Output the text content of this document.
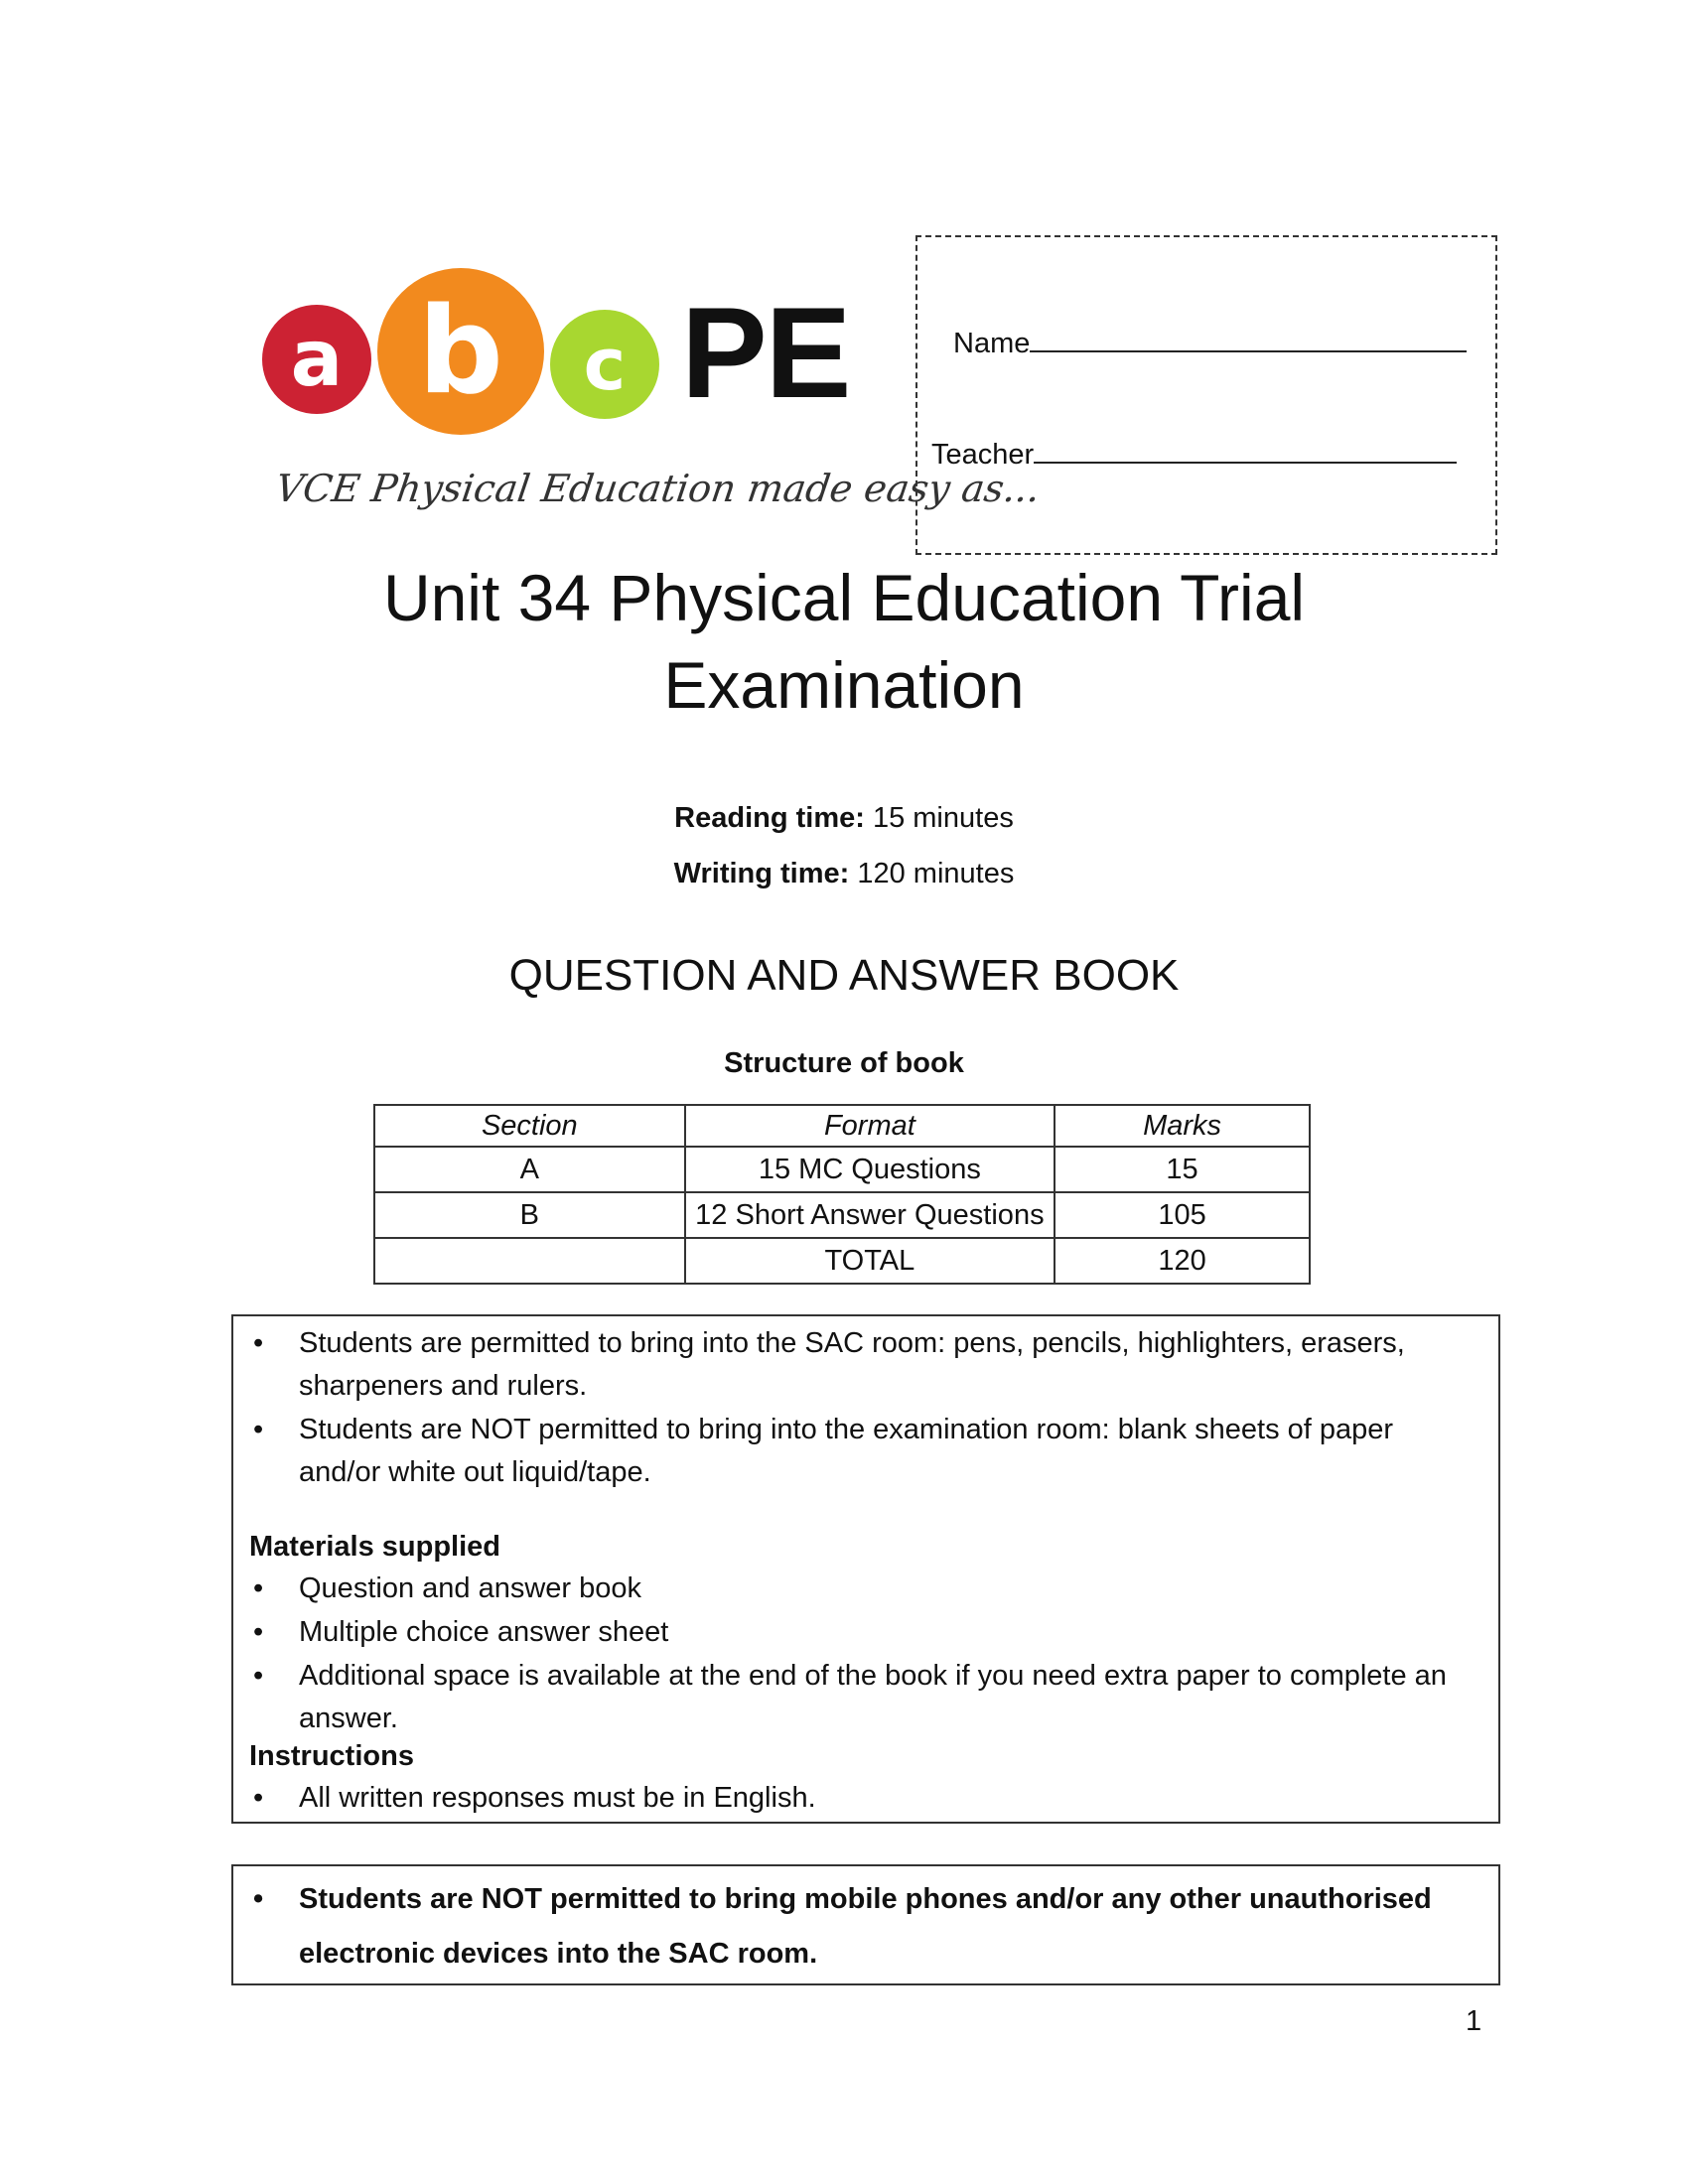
a b	c PE
VCE Physical Education made easy as...
Name
Teacher
Unit 34 Physical Education Trial
Examination
Reading time: 15 minutes
Writing time: 120 minutes
QUESTION AND ANSWER BOOK
Structure of book
Section	Format	Marks
A	15 MC Questions	15
B	12 Short Answer Questions	105
	TOTAL	120
• Students are permitted to bring into the SAC room: pens, pencils, highlighters, erasers, sharpeners and rulers.
• Students are NOT permitted to bring into the examination room: blank sheets of paper and/or white out liquid/tape.
Materials supplied
• Question and answer book
• Multiple choice answer sheet
• Additional space is available at the end of the book if you need extra paper to complete an answer.
Instructions
• All written responses must be in English.
• Students are NOT permitted to bring mobile phones and/or any other unauthorised electronic devices into the SAC room.
1
